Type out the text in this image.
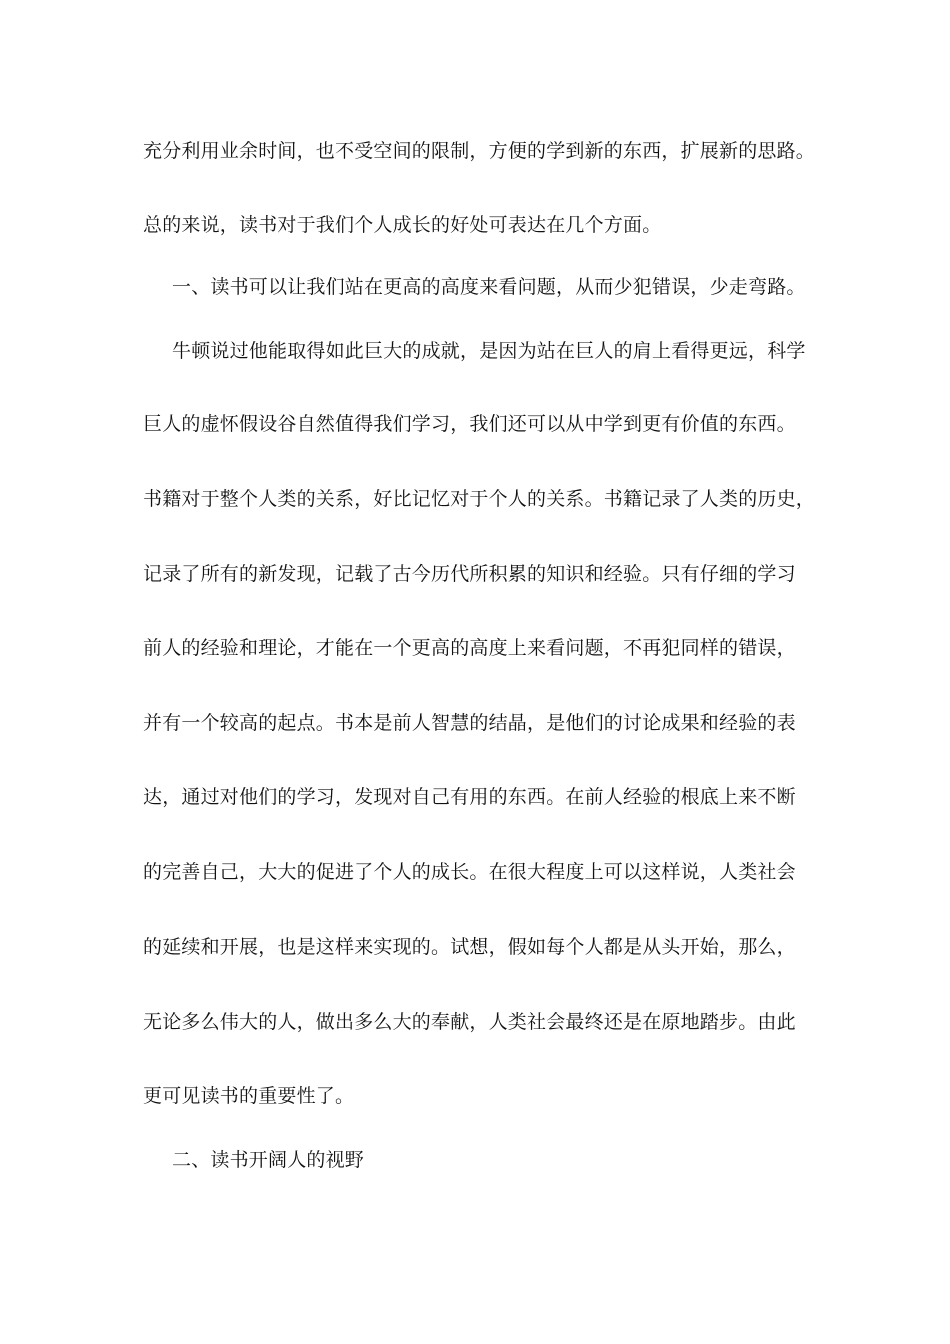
充分利用业余时间，也不受空间的限制，方便的学到新的东西，扩展新的思路。
总的来说，读书对于我们个人成长的好处可表达在几个方面。
一、读书可以让我们站在更高的高度来看问题，从而少犯错误，少走弯路。
牛顿说过他能取得如此巨大的成就，是因为站在巨人的肩上看得更远，科学
巨人的虚怀假设谷自然值得我们学习，我们还可以从中学到更有价值的东西。
书籍对于整个人类的关系，好比记忆对于个人的关系。书籍记录了人类的历史，
记录了所有的新发现，记载了古今历代所积累的知识和经验。只有仔细的学习
前人的经验和理论，才能在一个更高的高度上来看问题，不再犯同样的错误，
并有一个较高的起点。书本是前人智慧的结晶，是他们的讨论成果和经验的表
达，通过对他们的学习，发现对自己有用的东西。在前人经验的根底上来不断
的完善自己，大大的促进了个人的成长。在很大程度上可以这样说，人类社会
的延续和开展，也是这样来实现的。试想，假如每个人都是从头开始，那么，
无论多么伟大的人，做出多么大的奉献，人类社会最终还是在原地踏步。由此
更可见读书的重要性了。
二、读书开阔人的视野
